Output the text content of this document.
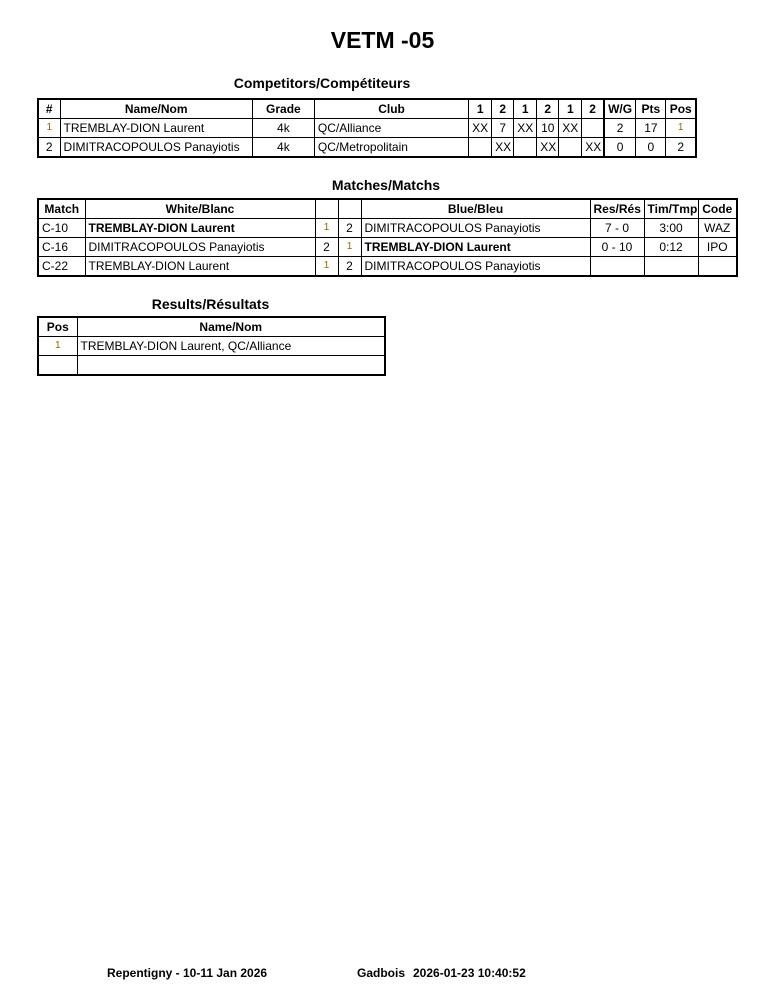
VETM -05
Competitors/Compétiteurs
#	Name/Nom	Grade	Club	1	2	1	2	1	2	W/G	Pts	Pos
1	TREMBLAY-DION Laurent	4k	QC/Alliance	XX	7	XX	10	XX		2	17	1
2	DIMITRACOPOULOS Panayiotis	4k	QC/Metropolitain		XX		XX		XX	0	0	2
Matches/Matchs
Match	White/Blanc			Blue/Bleu	Res/Rés	Tim/Tmp	Code
C-10	TREMBLAY-DION Laurent	1	2	DIMITRACOPOULOS Panayiotis	7 - 0	3:00	WAZ
C-16	DIMITRACOPOULOS Panayiotis	2	1	TREMBLAY-DION Laurent	0 - 10	0:12	IPO
C-22	TREMBLAY-DION Laurent	1	2	DIMITRACOPOULOS Panayiotis			
Results/Résultats
Pos	Name/Nom
1	TREMBLAY-DION Laurent, QC/Alliance

Repentigny - 10-11 Jan 2026	Gadbois 2026-01-23 10:40:52
